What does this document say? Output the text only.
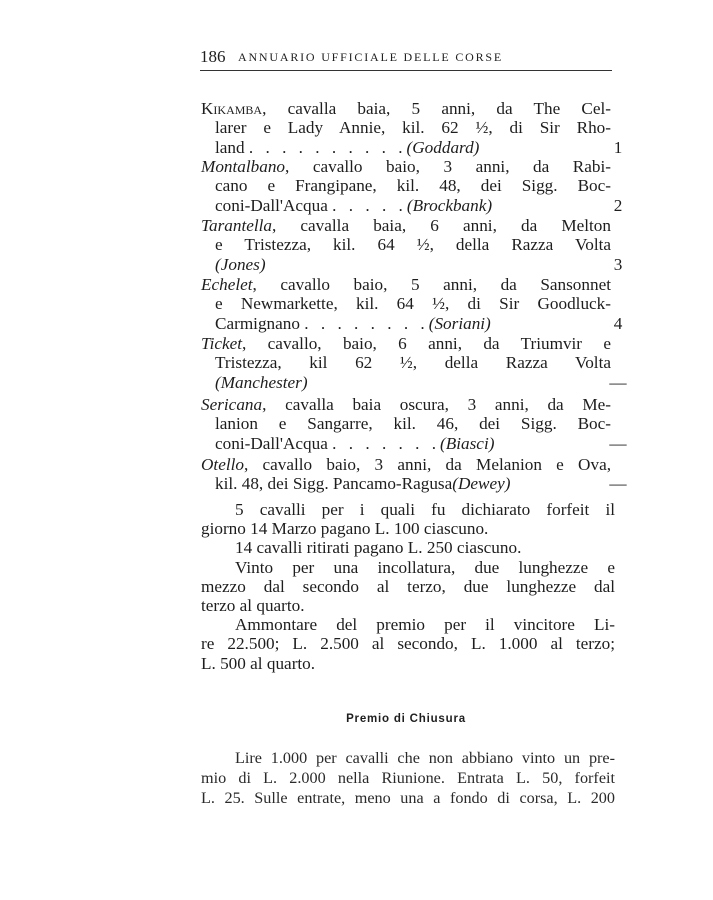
186 ANNUARIO UFFICIALE DELLE CORSE
Kikamba, cavalla baia, 5 anni, da The Cel-
larer e Lady Annie, kil. 62 ½, di Sir Rho-
land . . . . . . . . . .(Goddard)	1
Montalbano, cavallo baio, 3 anni, da Rabi-
cano e Frangipane, kil. 48, dei Sigg. Boc-
coni-Dall'Acqua . . . . .(Brockbank)	2
Tarantella, cavalla baia, 6 anni, da Melton
e Tristezza, kil. 64 ½, della Razza Volta
(Jones)	3
Echelet, cavallo baio, 5 anni, da Sansonnet
e Newmarkette, kil. 64 ½, di Sir Goodluck-
Carmignano . . . . . . . .(Soriani)	4
Ticket, cavallo, baio, 6 anni, da Triumvir e
Tristezza, kil 62 ½, della Razza Volta
(Manchester)	—
Sericana, cavalla baia oscura, 3 anni, da Me-
lanion e Sangarre, kil. 46, dei Sigg. Boc-
coni-Dall'Acqua . . . . . . .(Biasci)	—
Otello, cavallo baio, 3 anni, da Melanion e Ova,
kil. 48, dei Sigg. Pancamo-Ragusa(Dewey)	—
5 cavalli per i quali fu dichiarato forfeit il
giorno 14 Marzo pagano L. 100 ciascuno.
14 cavalli ritirati pagano L. 250 ciascuno.
Vinto per una incollatura, due lunghezze e
mezzo dal secondo al terzo, due lunghezze dal
terzo al quarto.
Ammontare del premio per il vincitore Li-
re 22.500; L. 2.500 al secondo, L. 1.000 al terzo;
L. 500 al quarto.
Premio di Chiusura
Lire 1.000 per cavalli che non abbiano vinto un pre-
mio di L. 2.000 nella Riunione. Entrata L. 50, forfeit
L. 25. Sulle entrate, meno una a fondo di corsa, L. 200
